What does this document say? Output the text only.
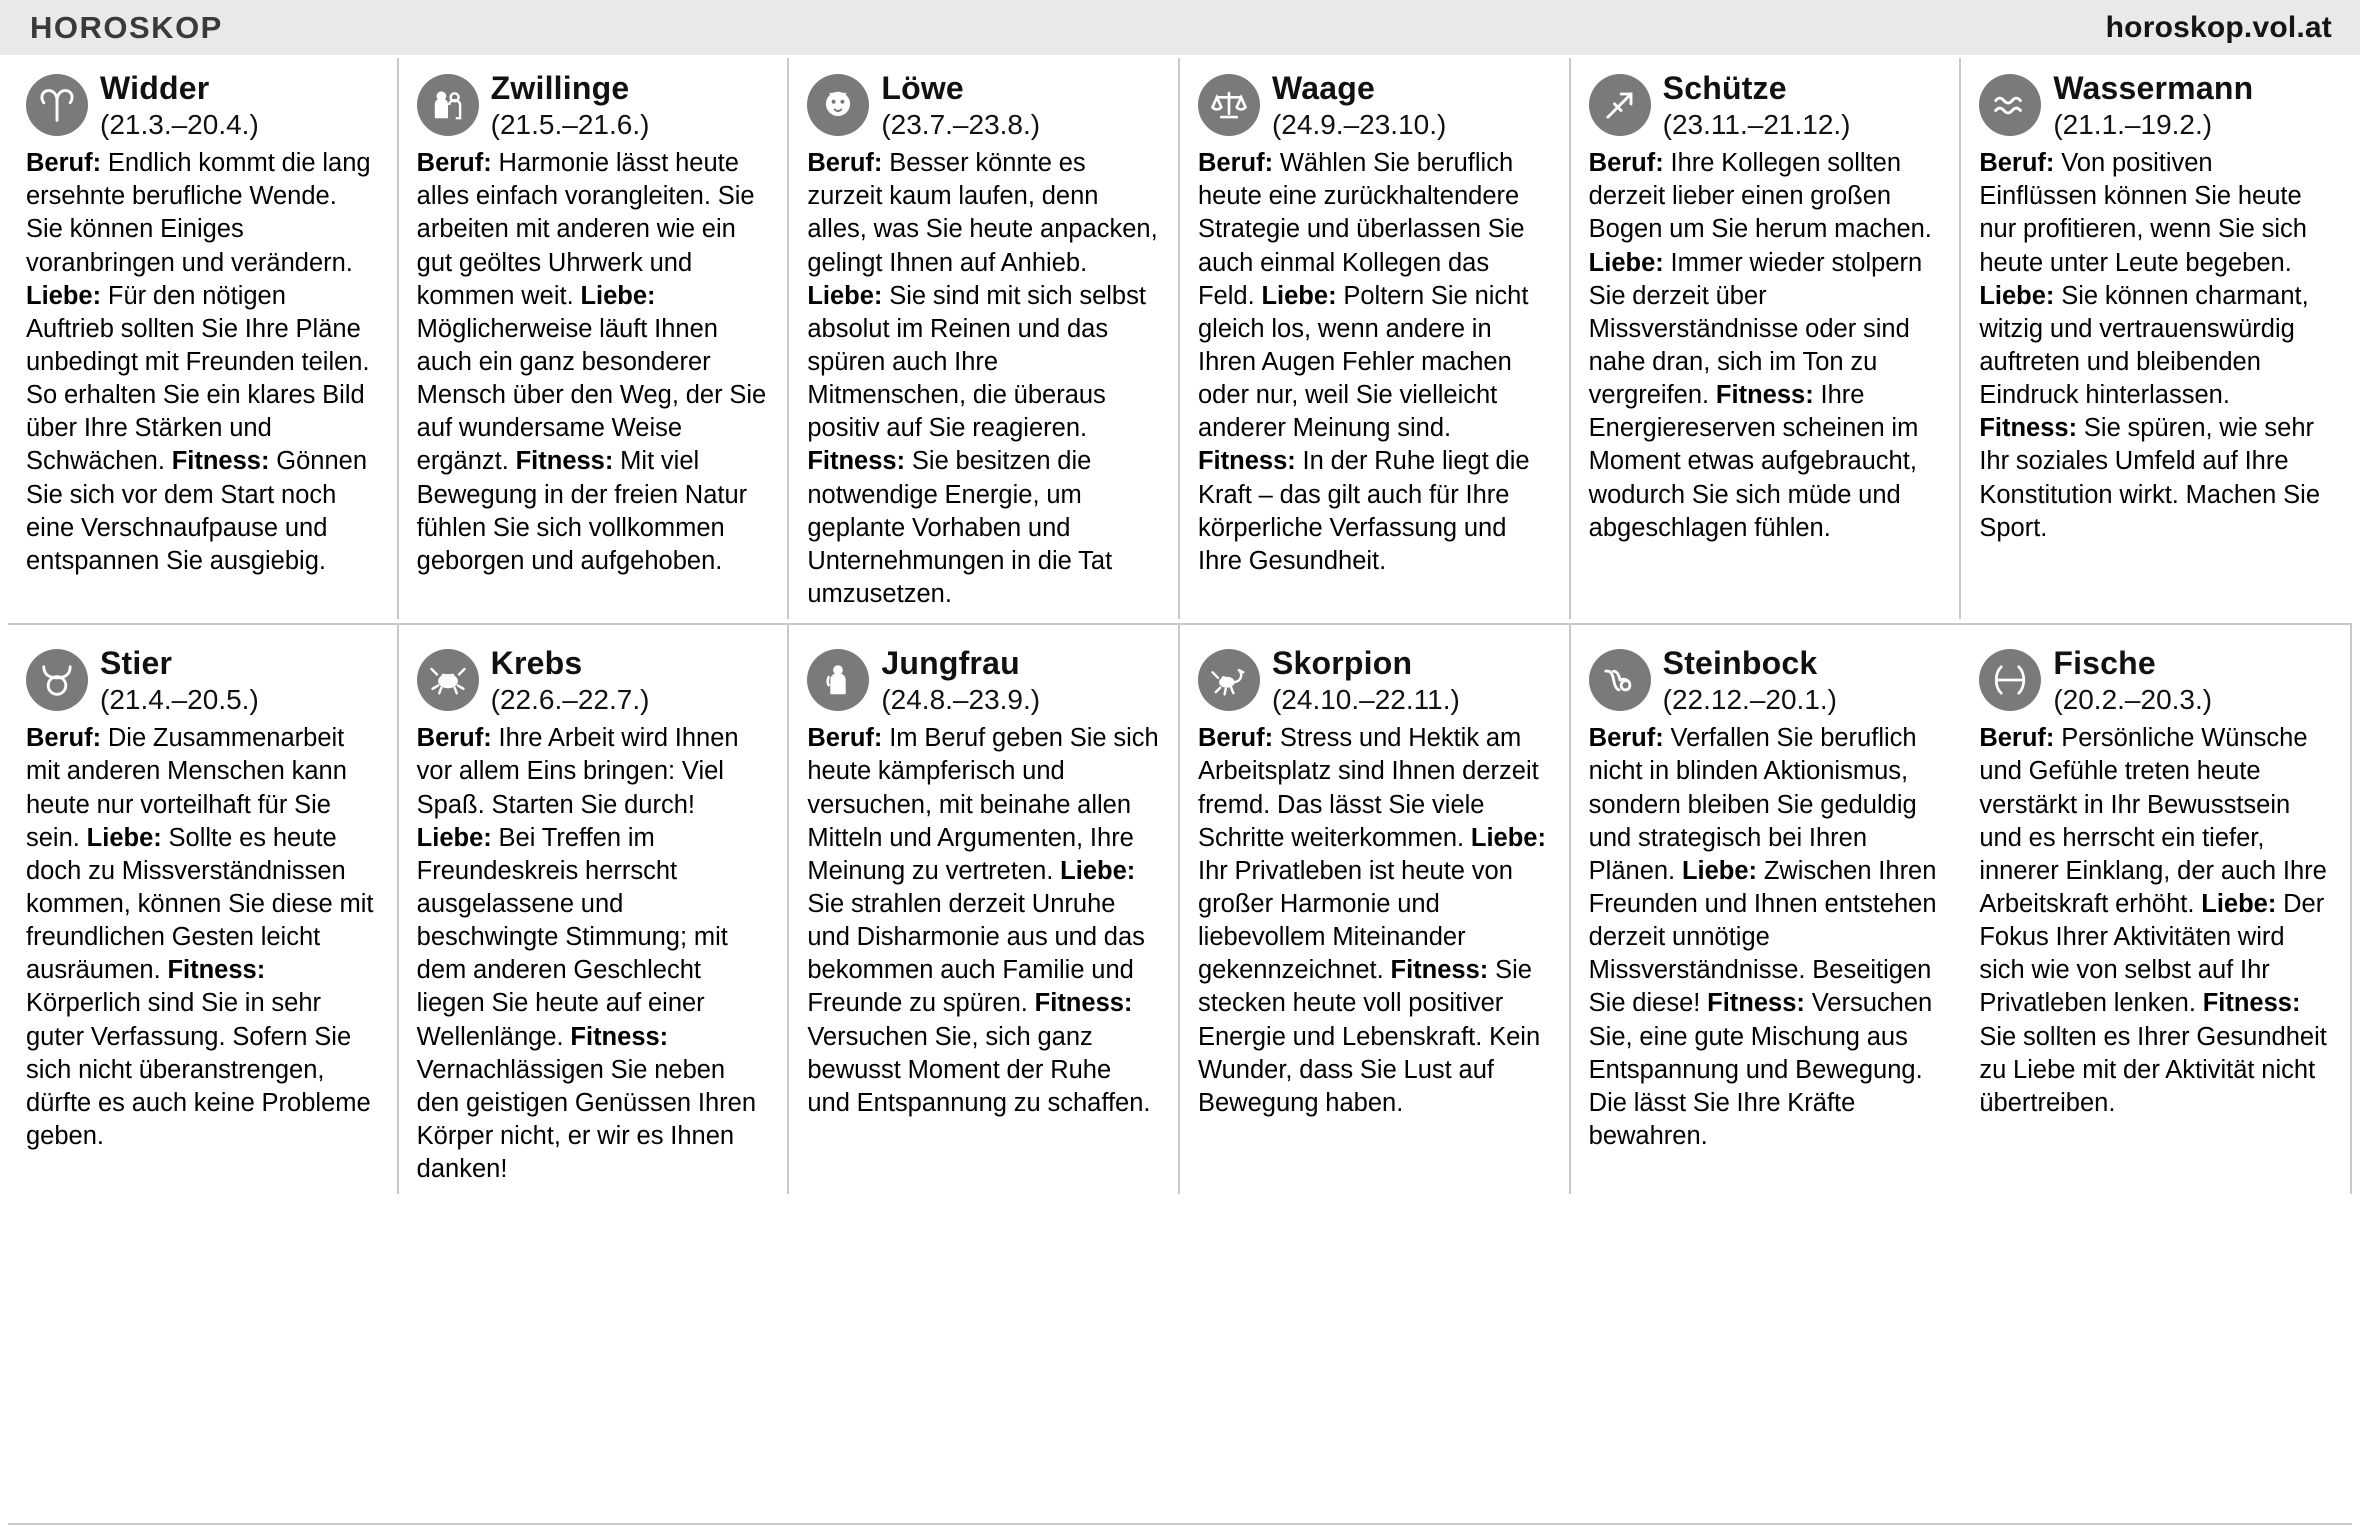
HOROSKOP	horoskop.vol.at
Widder
(21.3.–20.4.)
Beruf: Endlich kommt die lang ersehnte berufliche Wende. Sie können Einiges voranbringen und verändern. Liebe: Für den nötigen Auftrieb sollten Sie Ihre Pläne unbedingt mit Freunden teilen. So erhalten Sie ein klares Bild über Ihre Stärken und Schwächen. Fitness: Gönnen Sie sich vor dem Start noch eine Verschnaufpause und entspannen Sie ausgiebig.
Zwillinge
(21.5.–21.6.)
Beruf: Harmonie lässt heute alles einfach vorangleiten. Sie arbeiten mit anderen wie ein gut geöltes Uhrwerk und kommen weit. Liebe: Möglicherweise läuft Ihnen auch ein ganz besonderer Mensch über den Weg, der Sie auf wundersame Weise ergänzt. Fitness: Mit viel Bewegung in der freien Natur fühlen Sie sich vollkommen geborgen und aufgehoben.
Löwe
(23.7.–23.8.)
Beruf: Besser könnte es zurzeit kaum laufen, denn alles, was Sie heute anpacken, gelingt Ihnen auf Anhieb. Liebe: Sie sind mit sich selbst absolut im Reinen und das spüren auch Ihre Mitmenschen, die überaus positiv auf Sie reagieren. Fitness: Sie besitzen die notwendige Energie, um geplante Vorhaben und Unternehmungen in die Tat umzusetzen.
Waage
(24.9.–23.10.)
Beruf: Wählen Sie beruflich heute eine zurückhaltendere Strategie und überlassen Sie auch einmal Kollegen das Feld. Liebe: Poltern Sie nicht gleich los, wenn andere in Ihren Augen Fehler machen oder nur, weil Sie vielleicht anderer Meinung sind. Fitness: In der Ruhe liegt die Kraft – das gilt auch für Ihre körperliche Verfassung und Ihre Gesundheit.
Schütze
(23.11.–21.12.)
Beruf: Ihre Kollegen sollten derzeit lieber einen großen Bogen um Sie herum machen. Liebe: Immer wieder stolpern Sie derzeit über Missverständnisse oder sind nahe dran, sich im Ton zu vergreifen. Fitness: Ihre Energiereserven scheinen im Moment etwas aufgebraucht, wodurch Sie sich müde und abgeschlagen fühlen.
Wassermann
(21.1.–19.2.)
Beruf: Von positiven Einflüssen können Sie heute nur profitieren, wenn Sie sich heute unter Leute begeben.
Liebe: Sie können charmant, witzig und vertrauenswürdig auftreten und bleibenden Eindruck hinterlassen. Fitness: Sie spüren, wie sehr Ihr soziales Umfeld auf Ihre Konstitution wirkt. Machen Sie Sport.
Stier
(21.4.–20.5.)
Beruf: Die Zusammenarbeit mit anderen Menschen kann heute nur vorteilhaft für Sie sein. Liebe: Sollte es heute doch zu Missverständnissen kommen, können Sie diese mit freundlichen Gesten leicht ausräumen. Fitness: Körperlich sind Sie in sehr guter Verfassung. Sofern Sie sich nicht überanstrengen, dürfte es auch keine Probleme geben.
Krebs
(22.6.–22.7.)
Beruf: Ihre Arbeit wird Ihnen vor allem Eins bringen: Viel Spaß. Starten Sie durch! Liebe: Bei Treffen im Freundeskreis herrscht ausgelassene und beschwingte Stimmung; mit dem anderen Geschlecht liegen Sie heute auf einer Wellenlänge. Fitness: Vernachlässigen Sie neben den geistigen Genüssen Ihren Körper nicht, er wir es Ihnen danken!
Jungfrau
(24.8.–23.9.)
Beruf: Im Beruf geben Sie sich heute kämpferisch und versuchen, mit beinahe allen Mitteln und Argumenten, Ihre Meinung zu vertreten. Liebe: Sie strahlen derzeit Unruhe und Disharmonie aus und das bekommen auch Familie und Freunde zu spüren. Fitness: Versuchen Sie, sich ganz bewusst Moment der Ruhe und Entspannung zu schaffen.
Skorpion
(24.10.–22.11.)
Beruf: Stress und Hektik am Arbeitsplatz sind Ihnen derzeit fremd. Das lässt Sie viele Schritte weiterkommen. Liebe: Ihr Privatleben ist heute von großer Harmonie und liebevollem Miteinander gekennzeichnet. Fitness: Sie stecken heute voll positiver Energie und Lebenskraft. Kein Wunder, dass Sie Lust auf Bewegung haben.
Steinbock
(22.12.–20.1.)
Beruf: Verfallen Sie beruflich nicht in blinden Aktionismus, sondern bleiben Sie geduldig und strategisch bei Ihren Plänen. Liebe: Zwischen Ihren Freunden und Ihnen entstehen derzeit unnötige Missverständnisse. Beseitigen Sie diese! Fitness: Versuchen Sie, eine gute Mischung aus Entspannung und Bewegung. Die lässt Sie Ihre Kräfte bewahren.
Fische
(20.2.–20.3.)
Beruf: Persönliche Wünsche und Gefühle treten heute verstärkt in Ihr Bewusstsein und es herrscht ein tiefer, innerer Einklang, der auch Ihre Arbeitskraft erhöht. Liebe: Der Fokus Ihrer Aktivitäten wird sich wie von selbst auf Ihr Privatleben lenken. Fitness: Sie sollten es Ihrer Gesundheit zu Liebe mit der Aktivität nicht übertreiben.
